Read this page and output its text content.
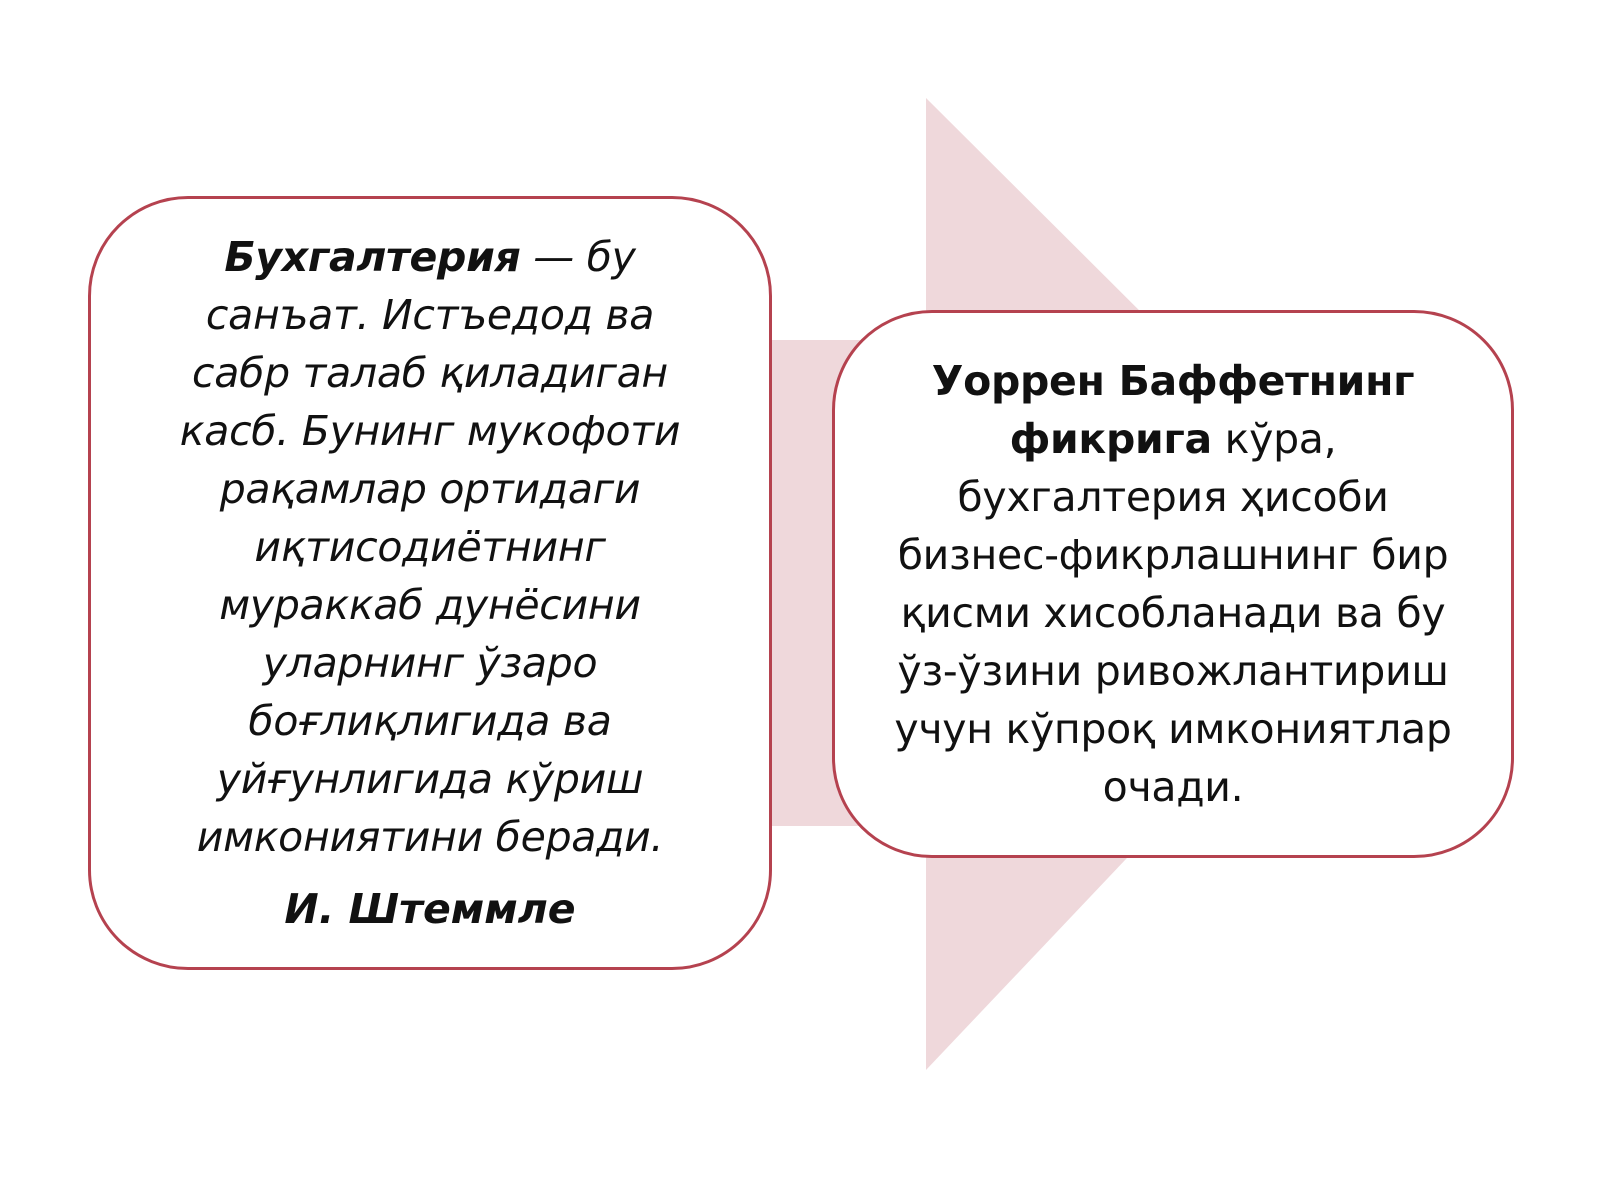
Бухгалтерия — бу
санъат. Истъедод ва
сабр талаб қиладиган
касб. Бунинг мукофоти
рақамлар ортидаги
иқтисодиётнинг
мураккаб дунёсини
уларнинг ўзаро
боғлиқлигида ва
уйғунлигида кўриш
имкониятини беради.
И. Штеммле
Уоррен Баффетнинг
фикрига кўра,
бухгалтерия ҳисоби
бизнес-фикрлашнинг бир
қисми хисобланади ва бу
ўз-ўзини ривожлантириш
учун кўпроқ имкониятлар
очади.
